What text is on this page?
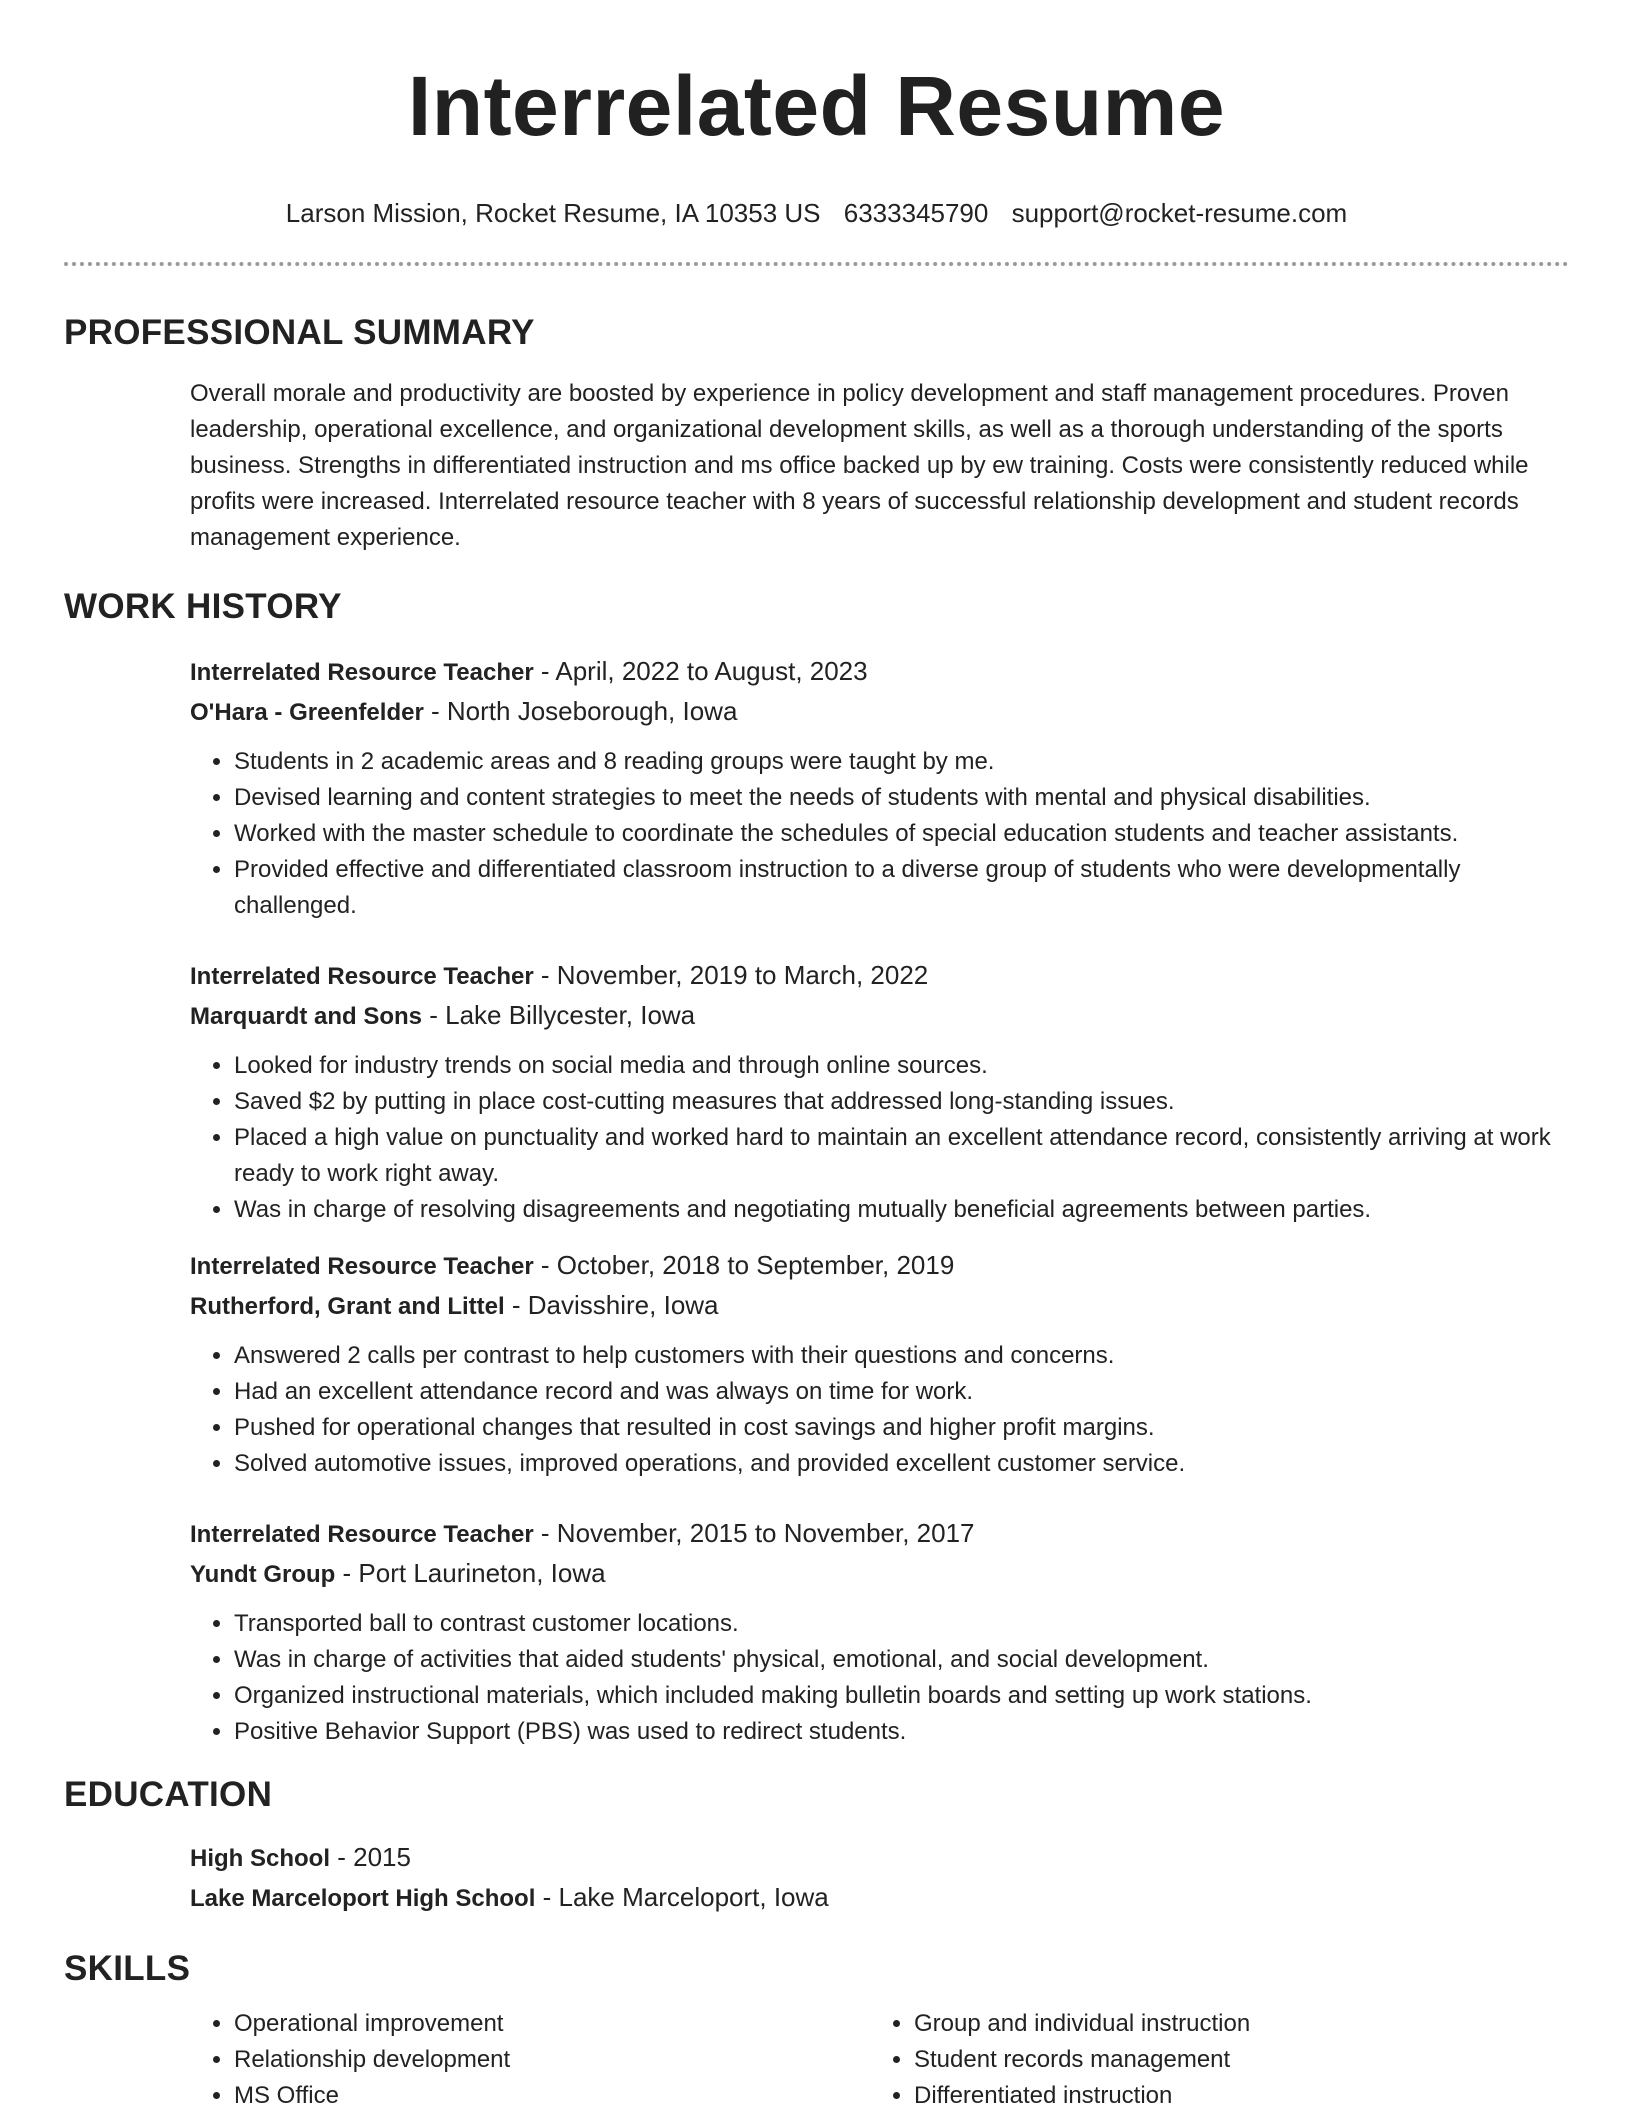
Interrelated Resume
Larson Mission, Rocket Resume, IA 10353 US 6333345790 support@rocket-resume.com
PROFESSIONAL SUMMARY
Overall morale and productivity are boosted by experience in policy development and staff management procedures. Proven leadership, operational excellence, and organizational development skills, as well as a thorough understanding of the sports business. Strengths in differentiated instruction and ms office backed up by ew training. Costs were consistently reduced while profits were increased. Interrelated resource teacher with 8 years of successful relationship development and student records management experience.
WORK HISTORY
Interrelated Resource Teacher - April, 2022 to August, 2023
O'Hara - Greenfelder - North Joseborough, Iowa
• Students in 2 academic areas and 8 reading groups were taught by me.
• Devised learning and content strategies to meet the needs of students with mental and physical disabilities.
• Worked with the master schedule to coordinate the schedules of special education students and teacher assistants.
• Provided effective and differentiated classroom instruction to a diverse group of students who were developmentally challenged.
Interrelated Resource Teacher - November, 2019 to March, 2022
Marquardt and Sons - Lake Billycester, Iowa
• Looked for industry trends on social media and through online sources.
• Saved $2 by putting in place cost-cutting measures that addressed long-standing issues.
• Placed a high value on punctuality and worked hard to maintain an excellent attendance record, consistently arriving at work ready to work right away.
• Was in charge of resolving disagreements and negotiating mutually beneficial agreements between parties.
Interrelated Resource Teacher - October, 2018 to September, 2019
Rutherford, Grant and Littel - Davisshire, Iowa
• Answered 2 calls per contrast to help customers with their questions and concerns.
• Had an excellent attendance record and was always on time for work.
• Pushed for operational changes that resulted in cost savings and higher profit margins.
• Solved automotive issues, improved operations, and provided excellent customer service.
Interrelated Resource Teacher - November, 2015 to November, 2017
Yundt Group - Port Laurineton, Iowa
• Transported ball to contrast customer locations.
• Was in charge of activities that aided students' physical, emotional, and social development.
• Organized instructional materials, which included making bulletin boards and setting up work stations.
• Positive Behavior Support (PBS) was used to redirect students.
EDUCATION
High School - 2015
Lake Marceloport High School - Lake Marceloport, Iowa
SKILLS
• Operational improvement
• Relationship development
• MS Office
• Group and individual instruction
• Student records management
• Differentiated instruction
